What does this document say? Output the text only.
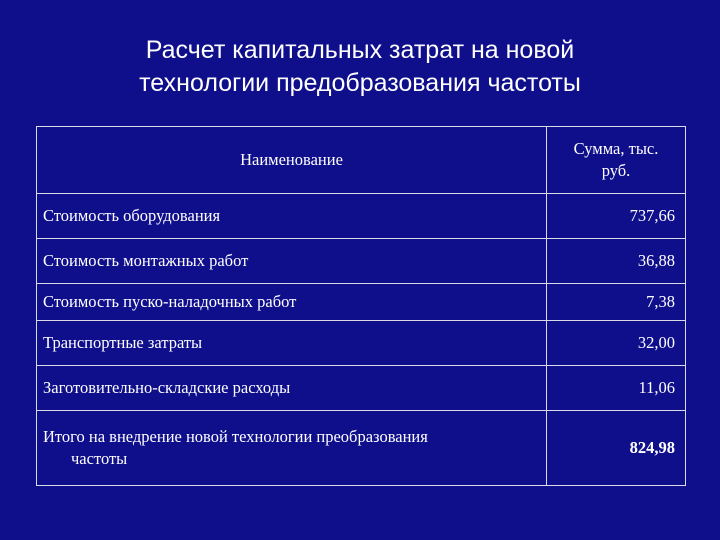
Расчет капитальных затрат на новой
технологии предобразования частоты
Наименование	Сумма, тыс.
руб.

Стоимость оборудования	737,66
Стоимость монтажных работ	36,88
Стоимость пуско-наладочных работ	7,38
Транспортные затраты	32,00
Заготовительно-складские расходы	11,06
Итого на внедрение новой технологии преобразования
частоты	824,98
